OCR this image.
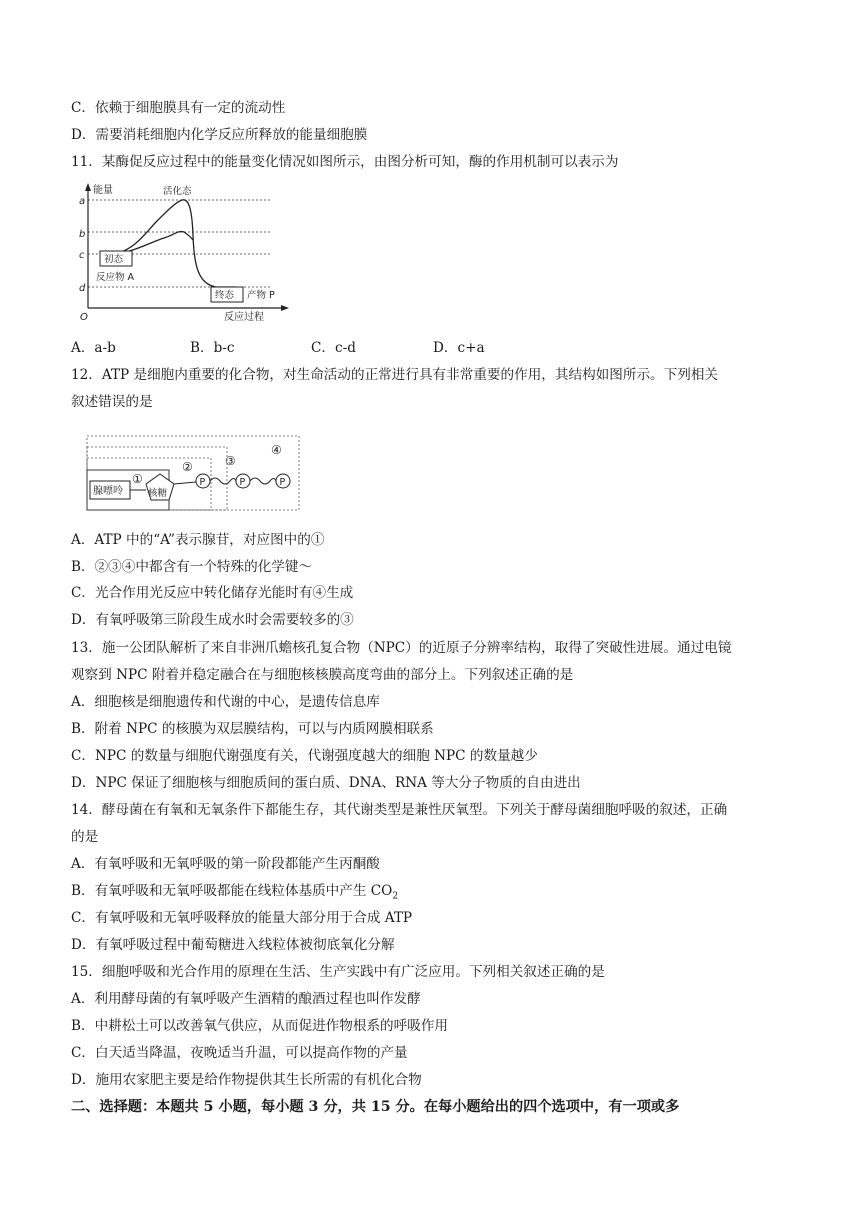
C．依赖于细胞膜具有一定的流动性
D．需要消耗细胞内化学反应所释放的能量细胞膜
11．某酶促反应过程中的能量变化情况如图所示，由图分析可知，酶的作用机制可以表示为
能量
O	反应过程
a
b
c
d
活化态
初态
反应物 A
终态 产物 P
A．a-b	B．b-c	C．c-d	D．c+a
12．ATP 是细胞内重要的化合物，对生命活动的正常进行具有非常重要的作用，其结构如图所示。下列相关
叙述错误的是
①
②	③
④
腺嘌呤	核糖
P	P	P
A．ATP 中的“A”表示腺苷，对应图中的①
B．②③④中都含有一个特殊的化学键～
C．光合作用光反应中转化储存光能时有④生成
D．有氧呼吸第三阶段生成水时会需要较多的③
13．施一公团队解析了来自非洲爪蟾核孔复合物（NPC）的近原子分辨率结构，取得了突破性进展。通过电镜
观察到 NPC 附着并稳定融合在与细胞核核膜高度弯曲的部分上。下列叙述正确的是
A．细胞核是细胞遗传和代谢的中心，是遗传信息库
B．附着 NPC 的核膜为双层膜结构，可以与内质网膜相联系
C．NPC 的数量与细胞代谢强度有关，代谢强度越大的细胞 NPC 的数量越少
D．NPC 保证了细胞核与细胞质间的蛋白质、DNA、RNA 等大分子物质的自由进出
14．酵母菌在有氧和无氧条件下都能生存，其代谢类型是兼性厌氧型。下列关于酵母菌细胞呼吸的叙述，正确
的是
A．有氧呼吸和无氧呼吸的第一阶段都能产生丙酮酸
B．有氧呼吸和无氧呼吸都能在线粒体基质中产生 $CO_2$
C．有氧呼吸和无氧呼吸释放的能量大部分用于合成 ATP
D．有氧呼吸过程中葡萄糖进入线粒体被彻底氧化分解
15．细胞呼吸和光合作用的原理在生活、生产实践中有广泛应用。下列相关叙述正确的是
A．利用酵母菌的有氧呼吸产生酒精的酿酒过程也叫作发酵
B．中耕松土可以改善氧气供应，从而促进作物根系的呼吸作用
C．白天适当降温，夜晚适当升温，可以提高作物的产量
D．施用农家肥主要是给作物提供其生长所需的有机化合物
二、选择题：本题共 5 小题，每小题 3 分，共 15 分。在每小题给出的四个选项中，有一项或多
